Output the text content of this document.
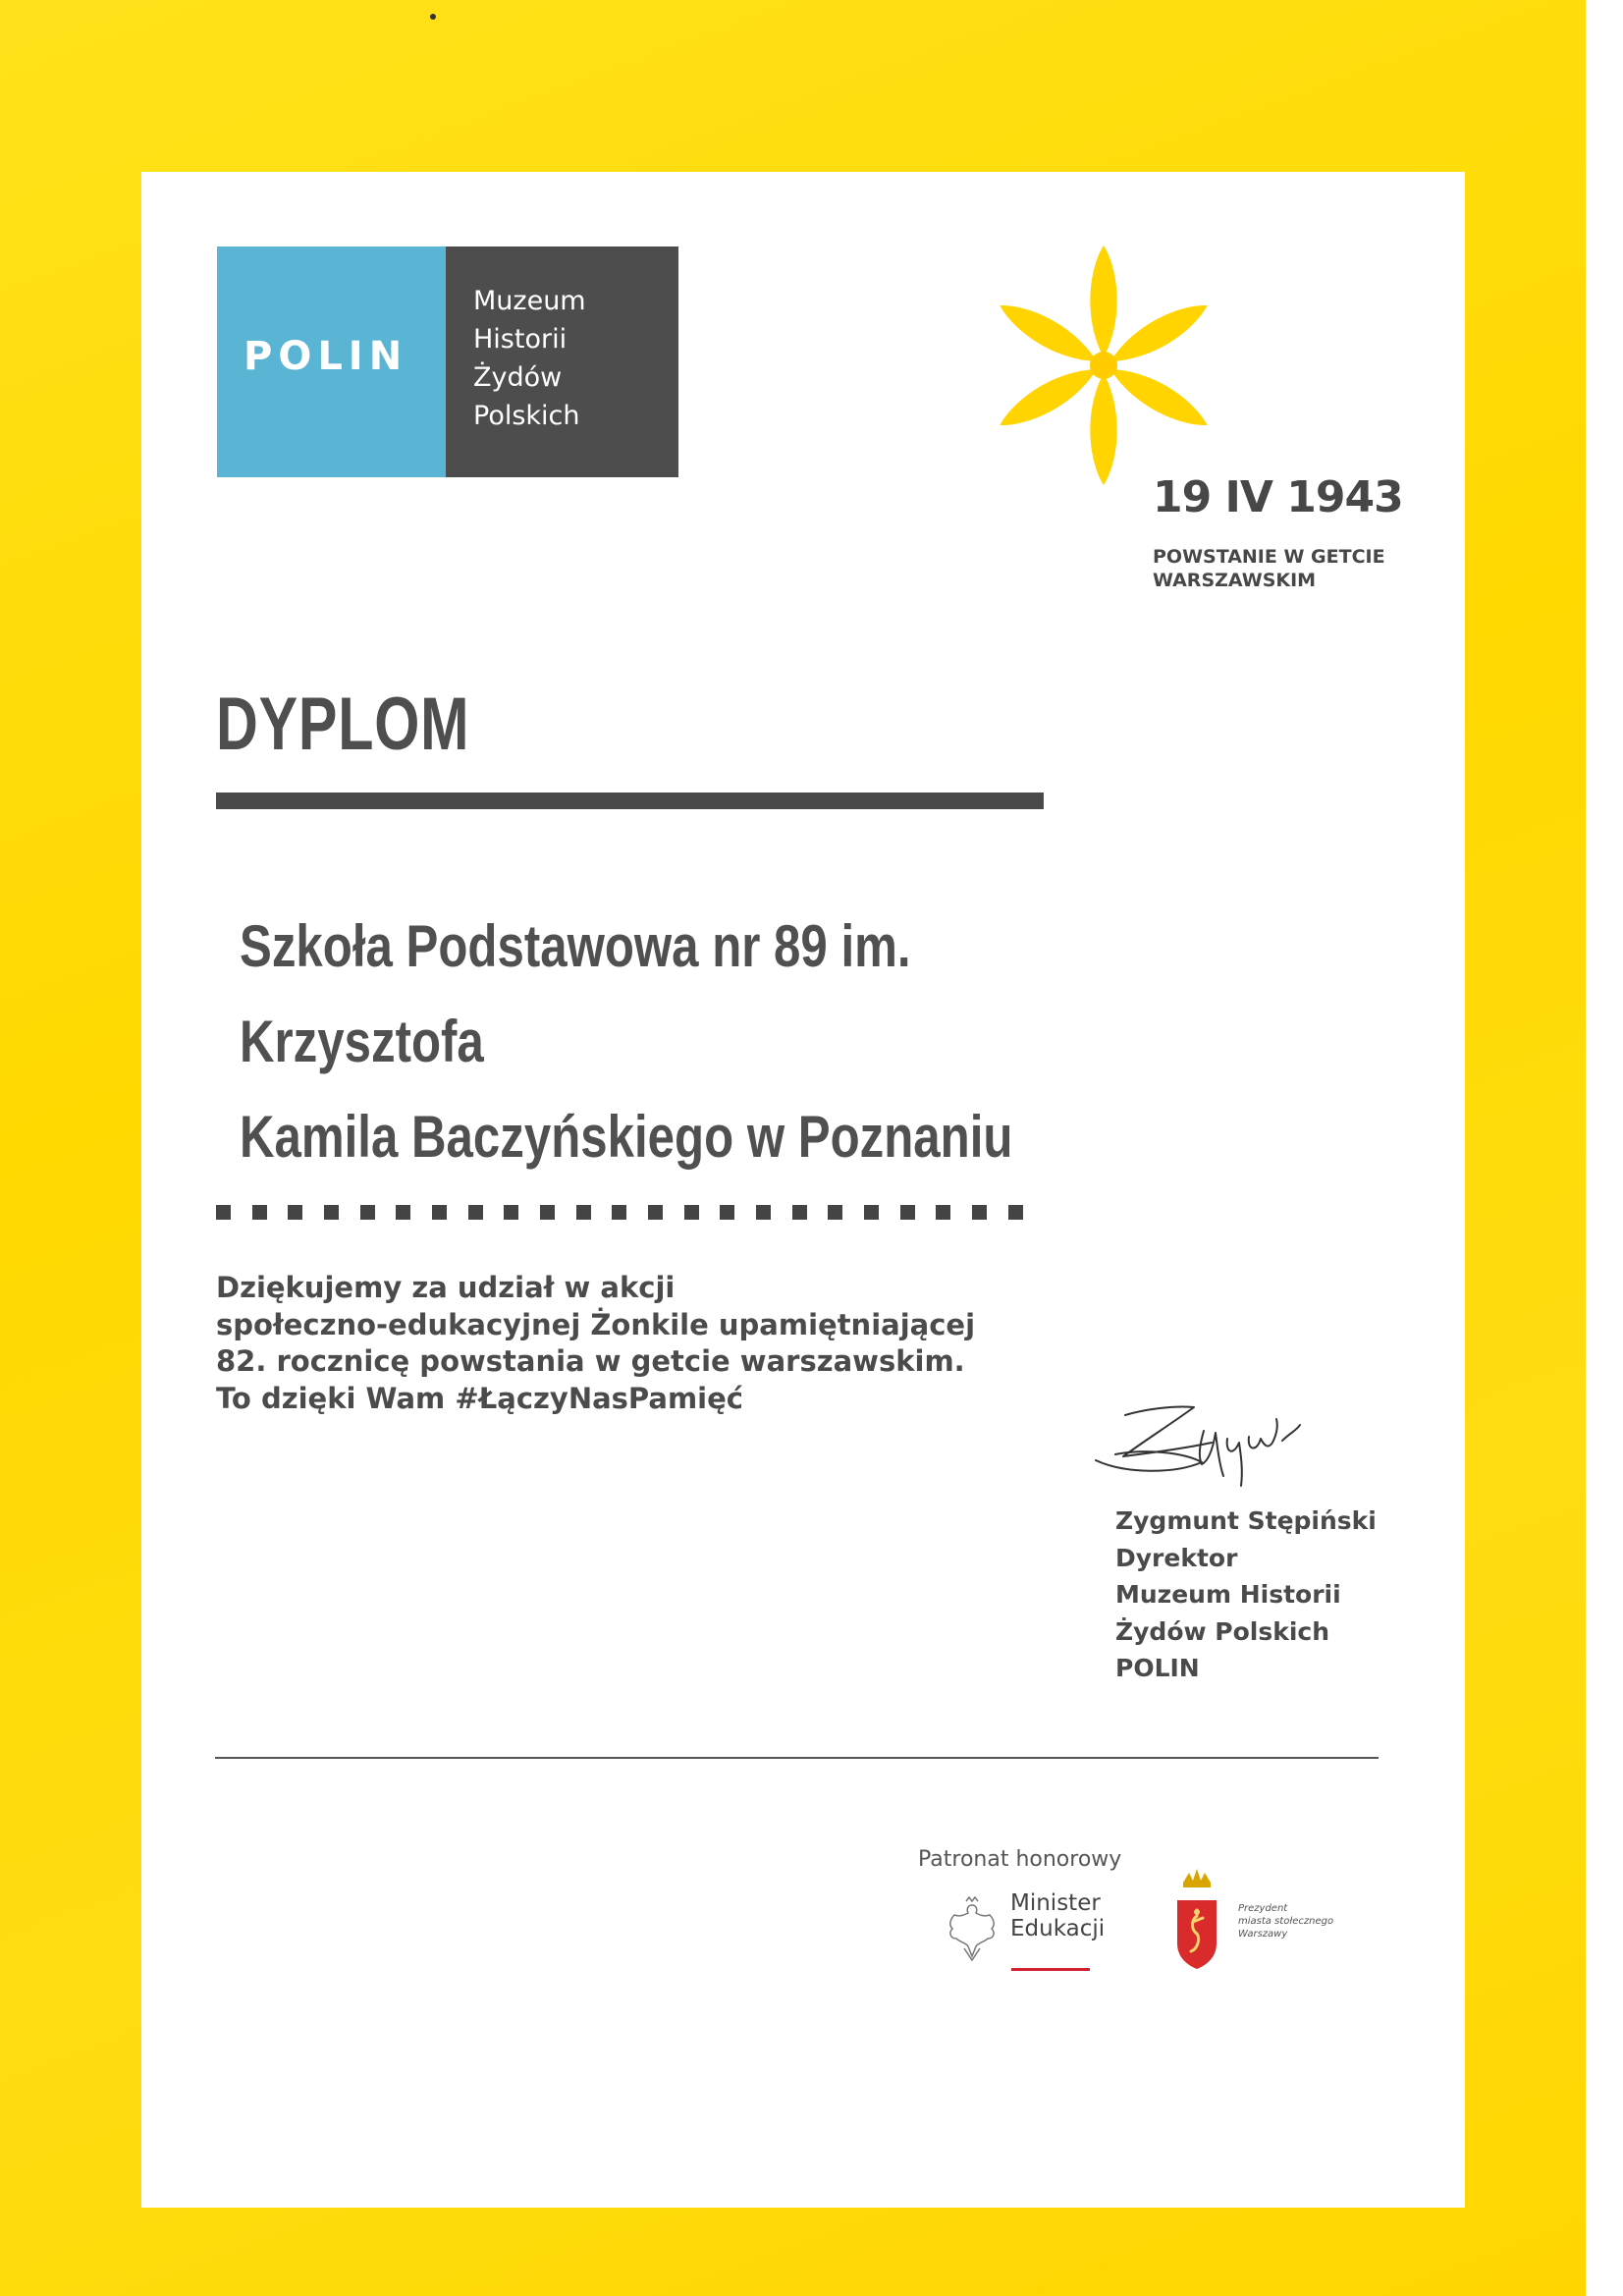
POLIN
Muzeum
Historii
Żydów
Polskich
19 IV 1943
POWSTANIE W GETCIE WARSZAWSKIM
DYPLOM
Szkoła Podstawowa nr 89 im. Krzysztofa
Kamila Baczyńskiego w Poznaniu
Dziękujemy za udział w akcji
społeczno-edukacyjnej Żonkile upamiętniającej
82. rocznicę powstania w getcie warszawskim.
To dzięki Wam #ŁączyNasPamięć
Zygmunt Stępiński
Dyrektor
Muzeum Historii
Żydów Polskich
POLIN
Patronat honorowy
Minister
Edukacji
Prezydent
miasta stołecznego
Warszawy
